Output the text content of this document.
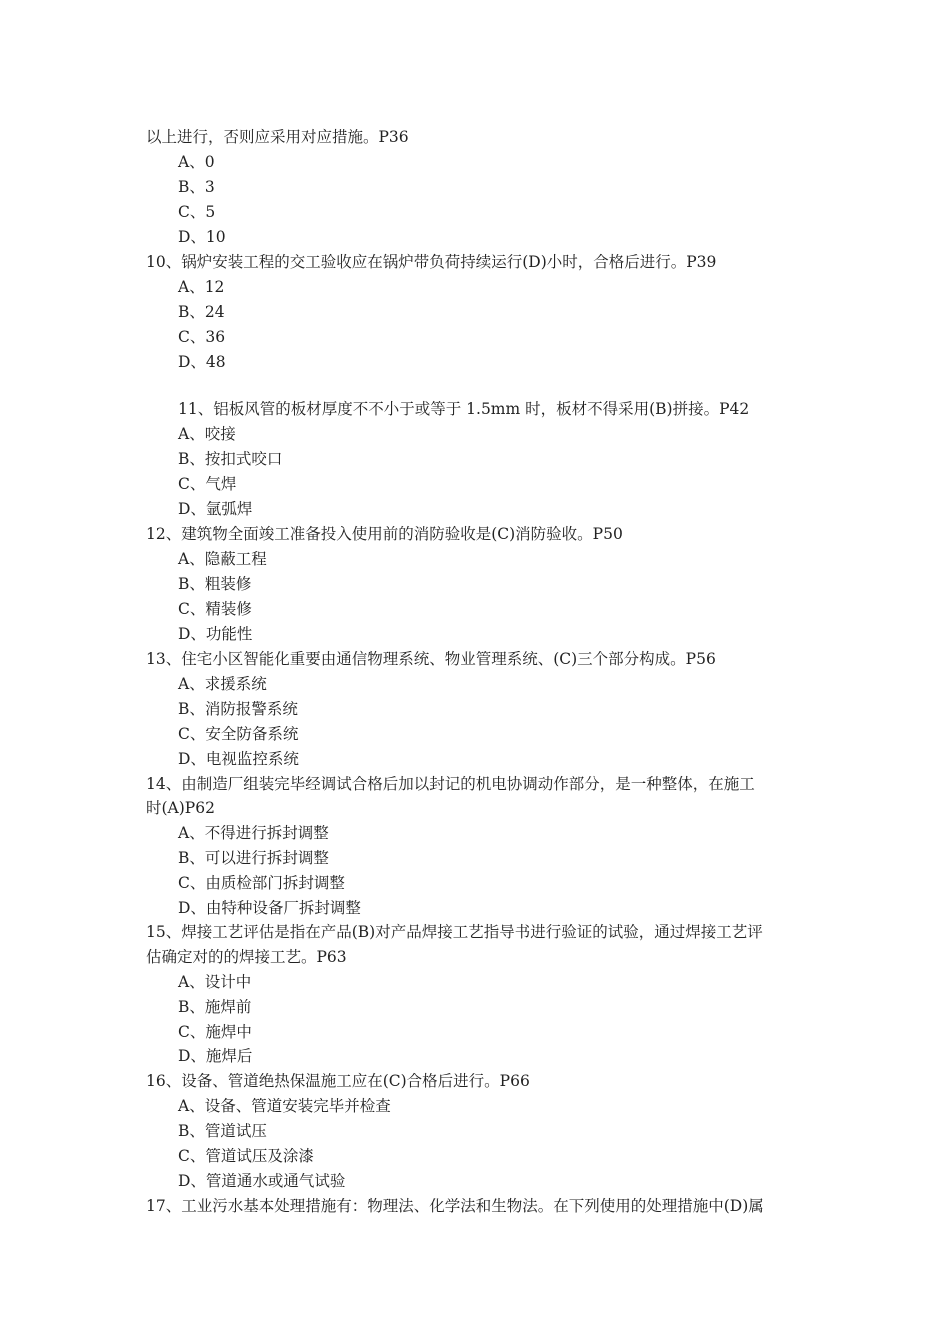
以上进行，否则应采用对应措施。P36
A、0
B、3
C、5
D、10
10、锅炉安装工程的交工验收应在锅炉带负荷持续运行(D)小时，合格后进行。P39
A、12
B、24
C、36
D、48
11、铝板风管的板材厚度不不小于或等于 1.5mm 时，板材不得采用(B)拼接。P42
A、咬接
B、按扣式咬口
C、气焊
D、氩弧焊
12、建筑物全面竣工准备投入使用前的消防验收是(C)消防验收。P50
A、隐蔽工程
B、粗装修
C、精装修
D、功能性
13、住宅小区智能化重要由通信物理系统、物业管理系统、(C)三个部分构成。P56
A、求援系统
B、消防报警系统
C、安全防备系统
D、电视监控系统
14、由制造厂组装完毕经调试合格后加以封记的机电协调动作部分，是一种整体，在施工
时(A)P62
A、不得进行拆封调整
B、可以进行拆封调整
C、由质检部门拆封调整
D、由特种设备厂拆封调整
15、焊接工艺评估是指在产品(B)对产品焊接工艺指导书进行验证的试验，通过焊接工艺评
估确定对的的焊接工艺。P63
A、设计中
B、施焊前
C、施焊中
D、施焊后
16、设备、管道绝热保温施工应在(C)合格后进行。P66
A、设备、管道安装完毕并检查
B、管道试压
C、管道试压及涂漆
D、管道通水或通气试验
17、工业污水基本处理措施有：物理法、化学法和生物法。在下列使用的处理措施中(D)属
